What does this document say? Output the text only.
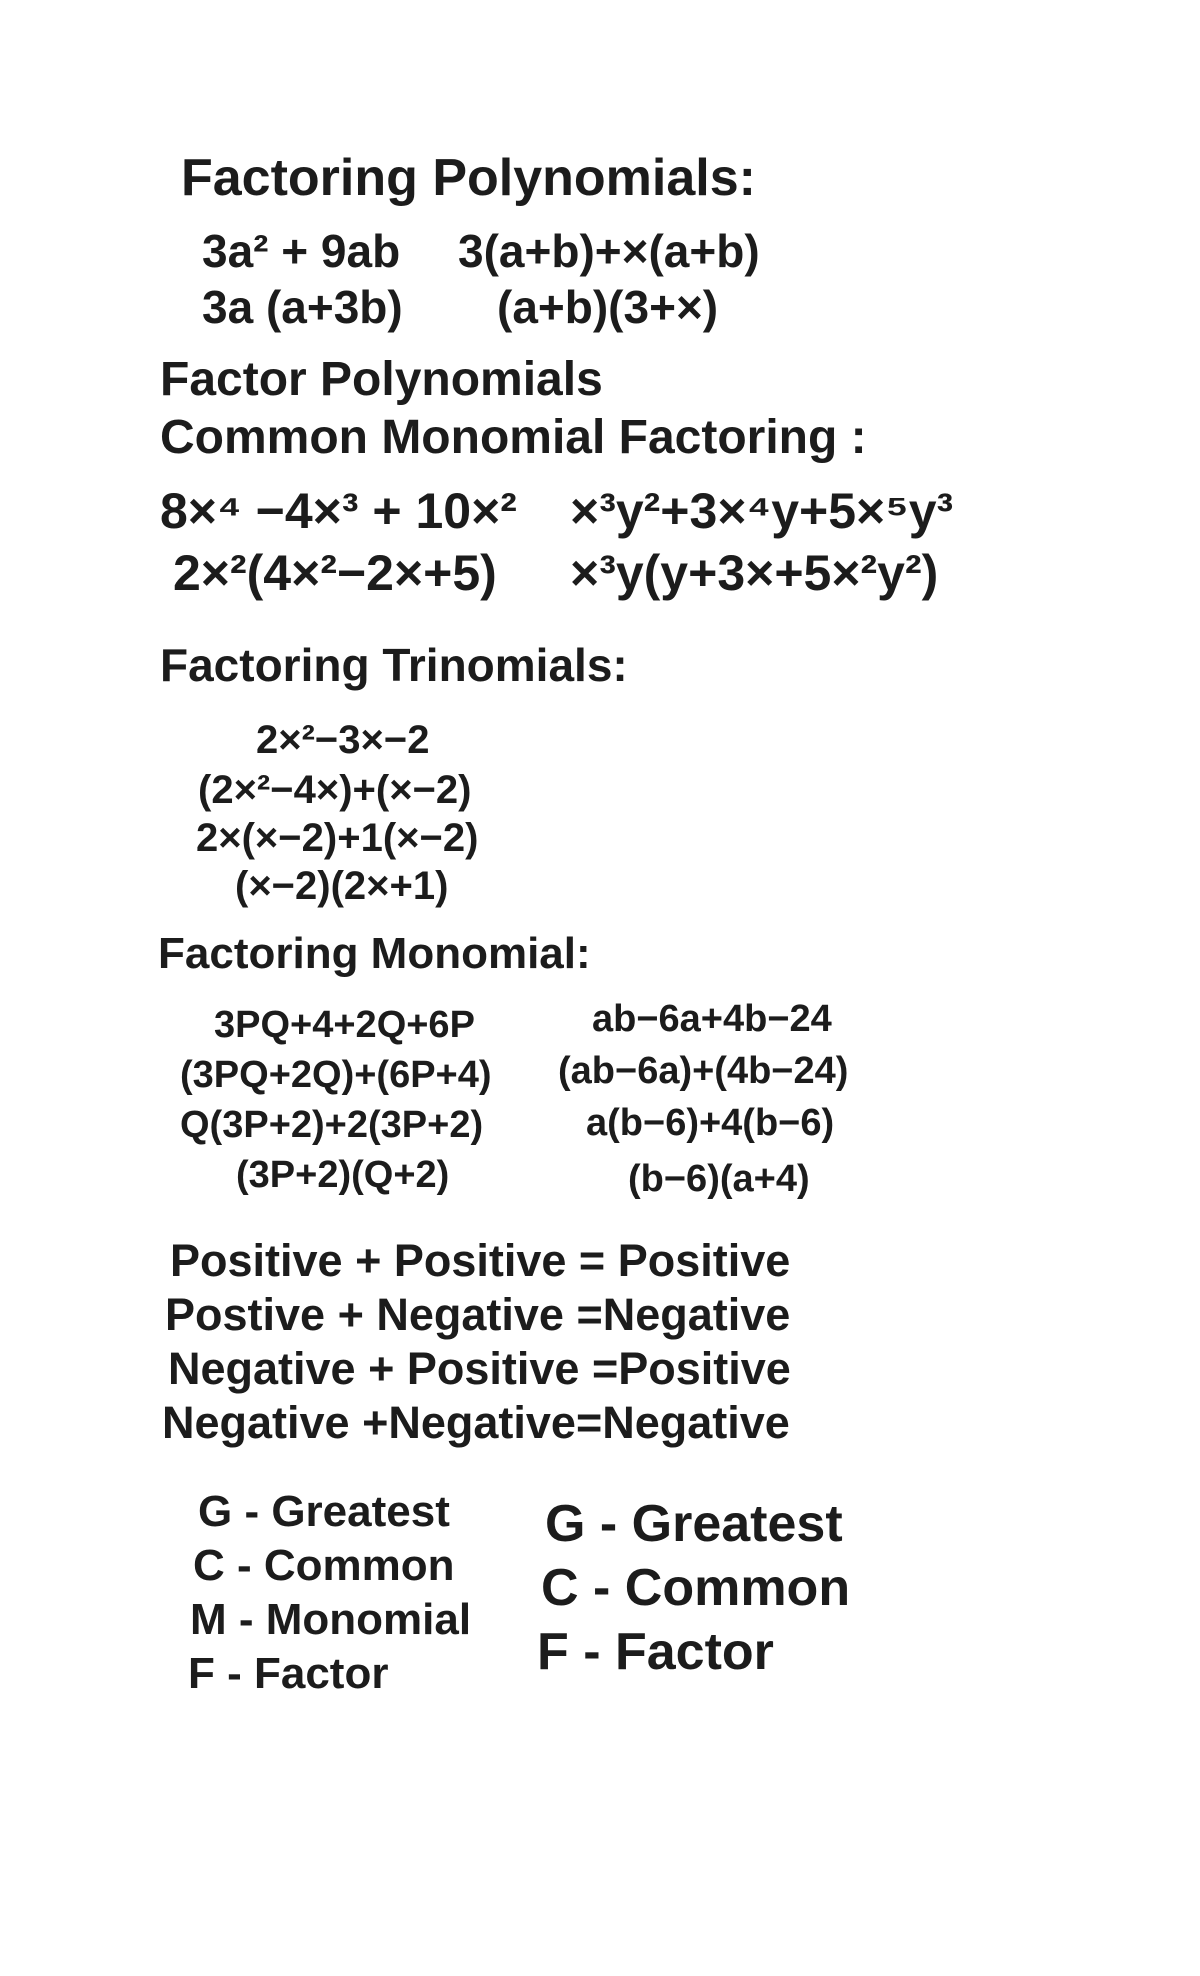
Factoring Polynomials:

3a² + 9ab 3(a+b)+×(a+b)

3a (a+3b) (a+b)(3+×)

Factor Polynomials

Common Monomial Factoring :

8×⁴ −4×³ + 10×² ×³y²+3×⁴y+5×⁵y³

2×²(4×²−2×+5) ×³y(y+3×+5×²y²)

Factoring Trinomials:

2×²−3×−2

(2×²−4×)+(×−2)

2×(×−2)+1(×−2)

(×−2)(2×+1)

Factoring Monomial:

3PQ+4+2Q+6P

(3PQ+2Q)+(6P+4)

Q(3P+2)+2(3P+2)

(3P+2)(Q+2)

ab−6a+4b−24

(ab−6a)+(4b−24)

a(b−6)+4(b−6)

(b−6)(a+4)

Positive + Positive = Positive

Postive + Negative =Negative

Negative + Positive =Positive

Negative +Negative=Negative

G - Greatest

C - Common

M - Monomial

F - Factor

G - Greatest

C - Common

F - Factor
